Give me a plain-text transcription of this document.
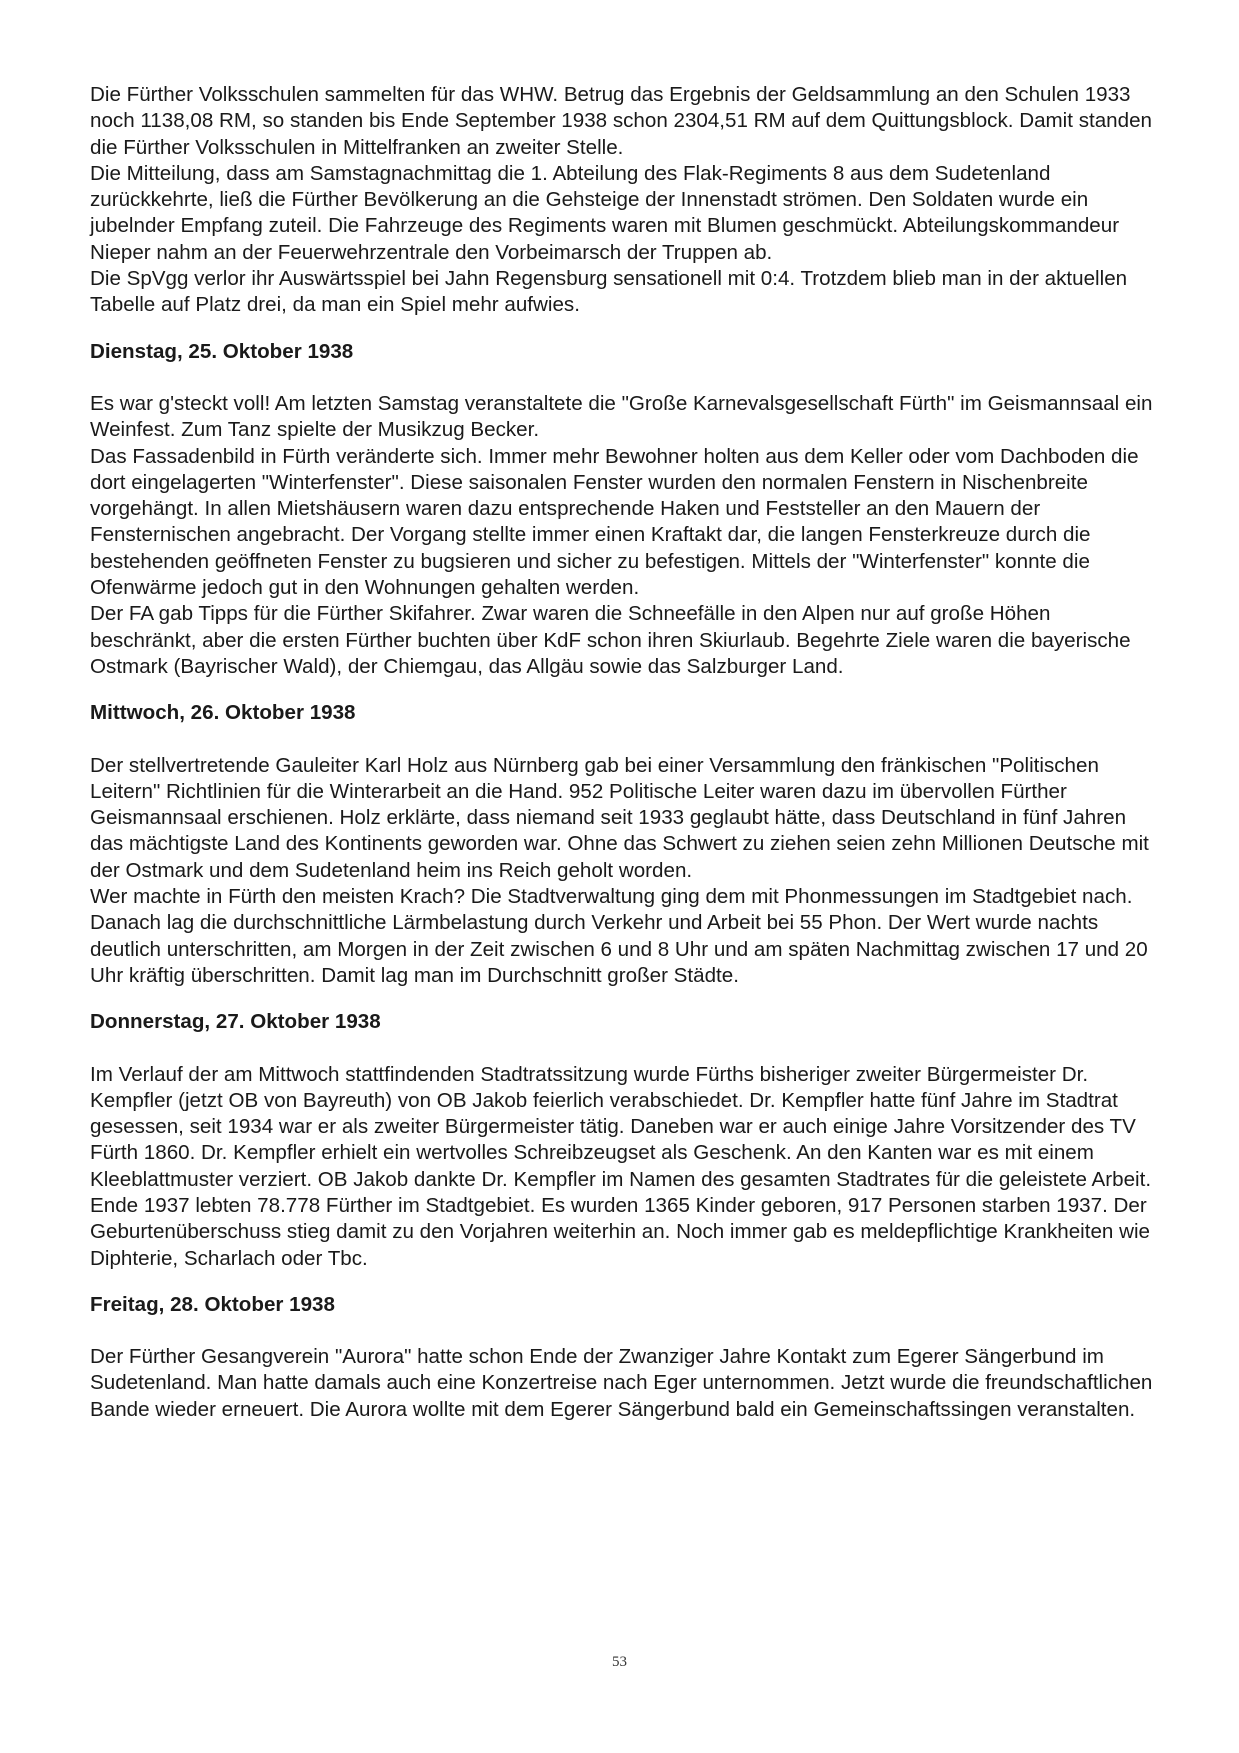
Die Fürther Volksschulen sammelten für das WHW. Betrug das Ergebnis der Geldsammlung an den Schulen 1933 noch 1138,08 RM, so standen bis Ende September 1938 schon 2304,51 RM auf dem Quittungsblock. Damit standen die Fürther Volksschulen in Mittelfranken an zweiter Stelle.

Die Mitteilung, dass am Samstagnachmittag die 1. Abteilung des Flak-Regiments 8 aus dem Sudetenland zurückkehrte, ließ die Fürther Bevölkerung an die Gehsteige der Innenstadt strömen. Den Soldaten wurde ein jubelnder Empfang zuteil. Die Fahrzeuge des Regiments waren mit Blumen geschmückt. Abteilungskommandeur Nieper nahm an der Feuerwehrzentrale den Vorbeimarsch der Truppen ab.

Die SpVgg verlor ihr Auswärtsspiel bei Jahn Regensburg sensationell mit 0:4. Trotzdem blieb man in der aktuellen Tabelle auf Platz drei, da man ein Spiel mehr aufwies.

Dienstag, 25. Oktober 1938

Es war g'steckt voll! Am letzten Samstag veranstaltete die "Große Karnevalsgesellschaft Fürth" im Geismannsaal ein Weinfest. Zum Tanz spielte der Musikzug Becker.

Das Fassadenbild in Fürth veränderte sich. Immer mehr Bewohner holten aus dem Keller oder vom Dachboden die dort eingelagerten "Winterfenster". Diese saisonalen Fenster wurden den normalen Fenstern in Nischenbreite vorgehängt. In allen Mietshäusern waren dazu entsprechende Haken und Feststeller an den Mauern der Fensternischen angebracht. Der Vorgang stellte immer einen Kraftakt dar, die langen Fensterkreuze durch die bestehenden geöffneten Fenster zu bugsieren und sicher zu befestigen. Mittels der "Winterfenster" konnte die Ofenwärme jedoch gut in den Wohnungen gehalten werden.

Der FA gab Tipps für die Fürther Skifahrer. Zwar waren die Schneefälle in den Alpen nur auf große Höhen beschränkt, aber die ersten Fürther buchten über KdF schon ihren Skiurlaub. Begehrte Ziele waren die bayerische Ostmark (Bayrischer Wald), der Chiemgau, das Allgäu sowie das Salzburger Land.

Mittwoch, 26. Oktober 1938

Der stellvertretende Gauleiter Karl Holz aus Nürnberg gab bei einer Versammlung den fränkischen "Politischen Leitern" Richtlinien für die Winterarbeit an die Hand. 952 Politische Leiter waren dazu im übervollen Fürther Geismannsaal erschienen. Holz erklärte, dass niemand seit 1933 geglaubt hätte, dass Deutschland in fünf Jahren das mächtigste Land des Kontinents geworden war. Ohne das Schwert zu ziehen seien zehn Millionen Deutsche mit der Ostmark und dem Sudetenland heim ins Reich geholt worden.

Wer machte in Fürth den meisten Krach? Die Stadtverwaltung ging dem mit Phonmessungen im Stadtgebiet nach. Danach lag die durchschnittliche Lärmbelastung durch Verkehr und Arbeit bei 55 Phon. Der Wert wurde nachts deutlich unterschritten, am Morgen in der Zeit zwischen 6 und 8 Uhr und am späten Nachmittag zwischen 17 und 20 Uhr kräftig überschritten. Damit lag man im Durchschnitt großer Städte.

Donnerstag, 27. Oktober 1938

Im Verlauf der am Mittwoch stattfindenden Stadtratssitzung wurde Fürths bisheriger zweiter Bürgermeister Dr. Kempfler (jetzt OB von Bayreuth) von OB Jakob feierlich verabschiedet. Dr. Kempfler hatte fünf Jahre im Stadtrat gesessen, seit 1934 war er als zweiter Bürgermeister tätig. Daneben war er auch einige Jahre Vorsitzender des TV Fürth 1860. Dr. Kempfler erhielt ein wertvolles Schreibzeugset als Geschenk. An den Kanten war es mit einem Kleeblattmuster verziert. OB Jakob dankte Dr. Kempfler im Namen des gesamten Stadtrates für die geleistete Arbeit.

Ende 1937 lebten 78.778 Fürther im Stadtgebiet. Es wurden 1365 Kinder geboren, 917 Personen starben 1937. Der Geburtenüberschuss stieg damit zu den Vorjahren weiterhin an. Noch immer gab es meldepflichtige Krankheiten wie Diphterie, Scharlach oder Tbc.

Freitag, 28. Oktober 1938

Der Fürther Gesangverein "Aurora" hatte schon Ende der Zwanziger Jahre Kontakt zum Egerer Sängerbund im Sudetenland. Man hatte damals auch eine Konzertreise nach Eger unternommen. Jetzt wurde die freundschaftlichen Bande wieder erneuert. Die Aurora wollte mit dem Egerer Sängerbund bald ein Gemeinschaftssingen veranstalten.

53
